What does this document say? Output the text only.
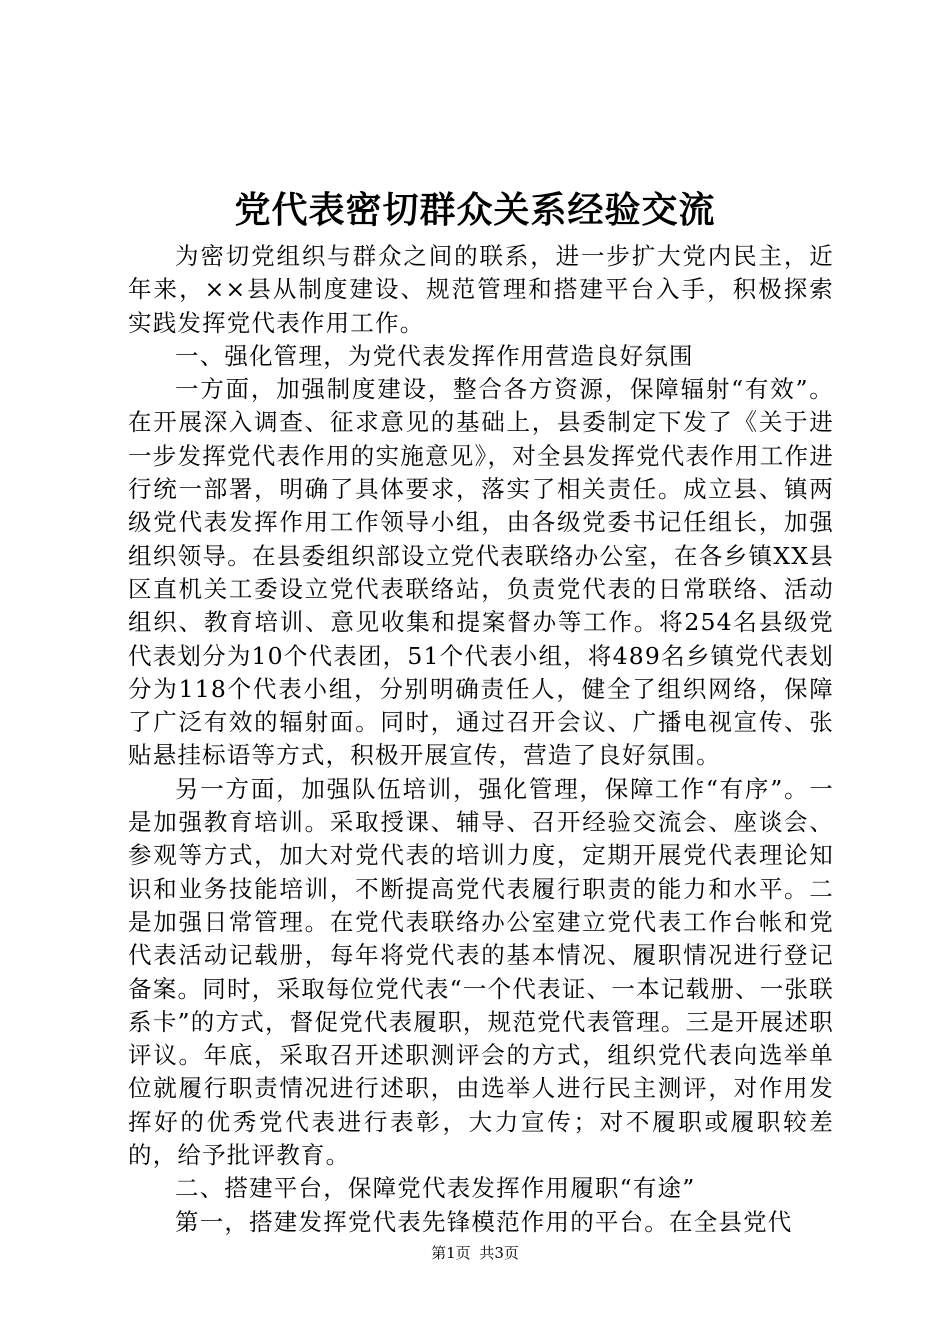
党代表密切群众关系经验交流

为密切党组织与群众之间的联系，进一步扩大党内民主，近年来，××县从制度建设、规范管理和搭建平台入手，积极探索实践发挥党代表作用工作。

一、强化管理，为党代表发挥作用营造良好氛围

一方面，加强制度建设，整合各方资源，保障辐射“有效”。在开展深入调查、征求意见的基础上，县委制定下发了《关于进一步发挥党代表作用的实施意见》，对全县发挥党代表作用工作进行统一部署，明确了具体要求，落实了相关责任。成立县、镇两级党代表发挥作用工作领导小组，由各级党委书记任组长，加强组织领导。在县委组织部设立党代表联络办公室，在各乡镇XX县区直机关工委设立党代表联络站，负责党代表的日常联络、活动组织、教育培训、意见收集和提案督办等工作。将254名县级党代表划分为10个代表团，51个代表小组，将489名乡镇党代表划分为118个代表小组，分别明确责任人，健全了组织网络，保障了广泛有效的辐射面。同时，通过召开会议、广播电视宣传、张贴悬挂标语等方式，积极开展宣传，营造了良好氛围。

另一方面，加强队伍培训，强化管理，保障工作“有序”。一是加强教育培训。采取授课、辅导、召开经验交流会、座谈会、参观等方式，加大对党代表的培训力度，定期开展党代表理论知识和业务技能培训，不断提高党代表履行职责的能力和水平。二是加强日常管理。在党代表联络办公室建立党代表工作台帐和党代表活动记载册，每年将党代表的基本情况、履职情况进行登记备案。同时，采取每位党代表“一个代表证、一本记载册、一张联系卡”的方式，督促党代表履职，规范党代表管理。三是开展述职评议。年底，采取召开述职测评会的方式，组织党代表向选举单位就履行职责情况进行述职，由选举人进行民主测评，对作用发挥好的优秀党代表进行表彰，大力宣传；对不履职或履职较差的，给予批评教育。

二、搭建平台，保障党代表发挥作用履职“有途”

第一，搭建发挥党代表先锋模范作用的平台。在全县党代

第1页 共3页
